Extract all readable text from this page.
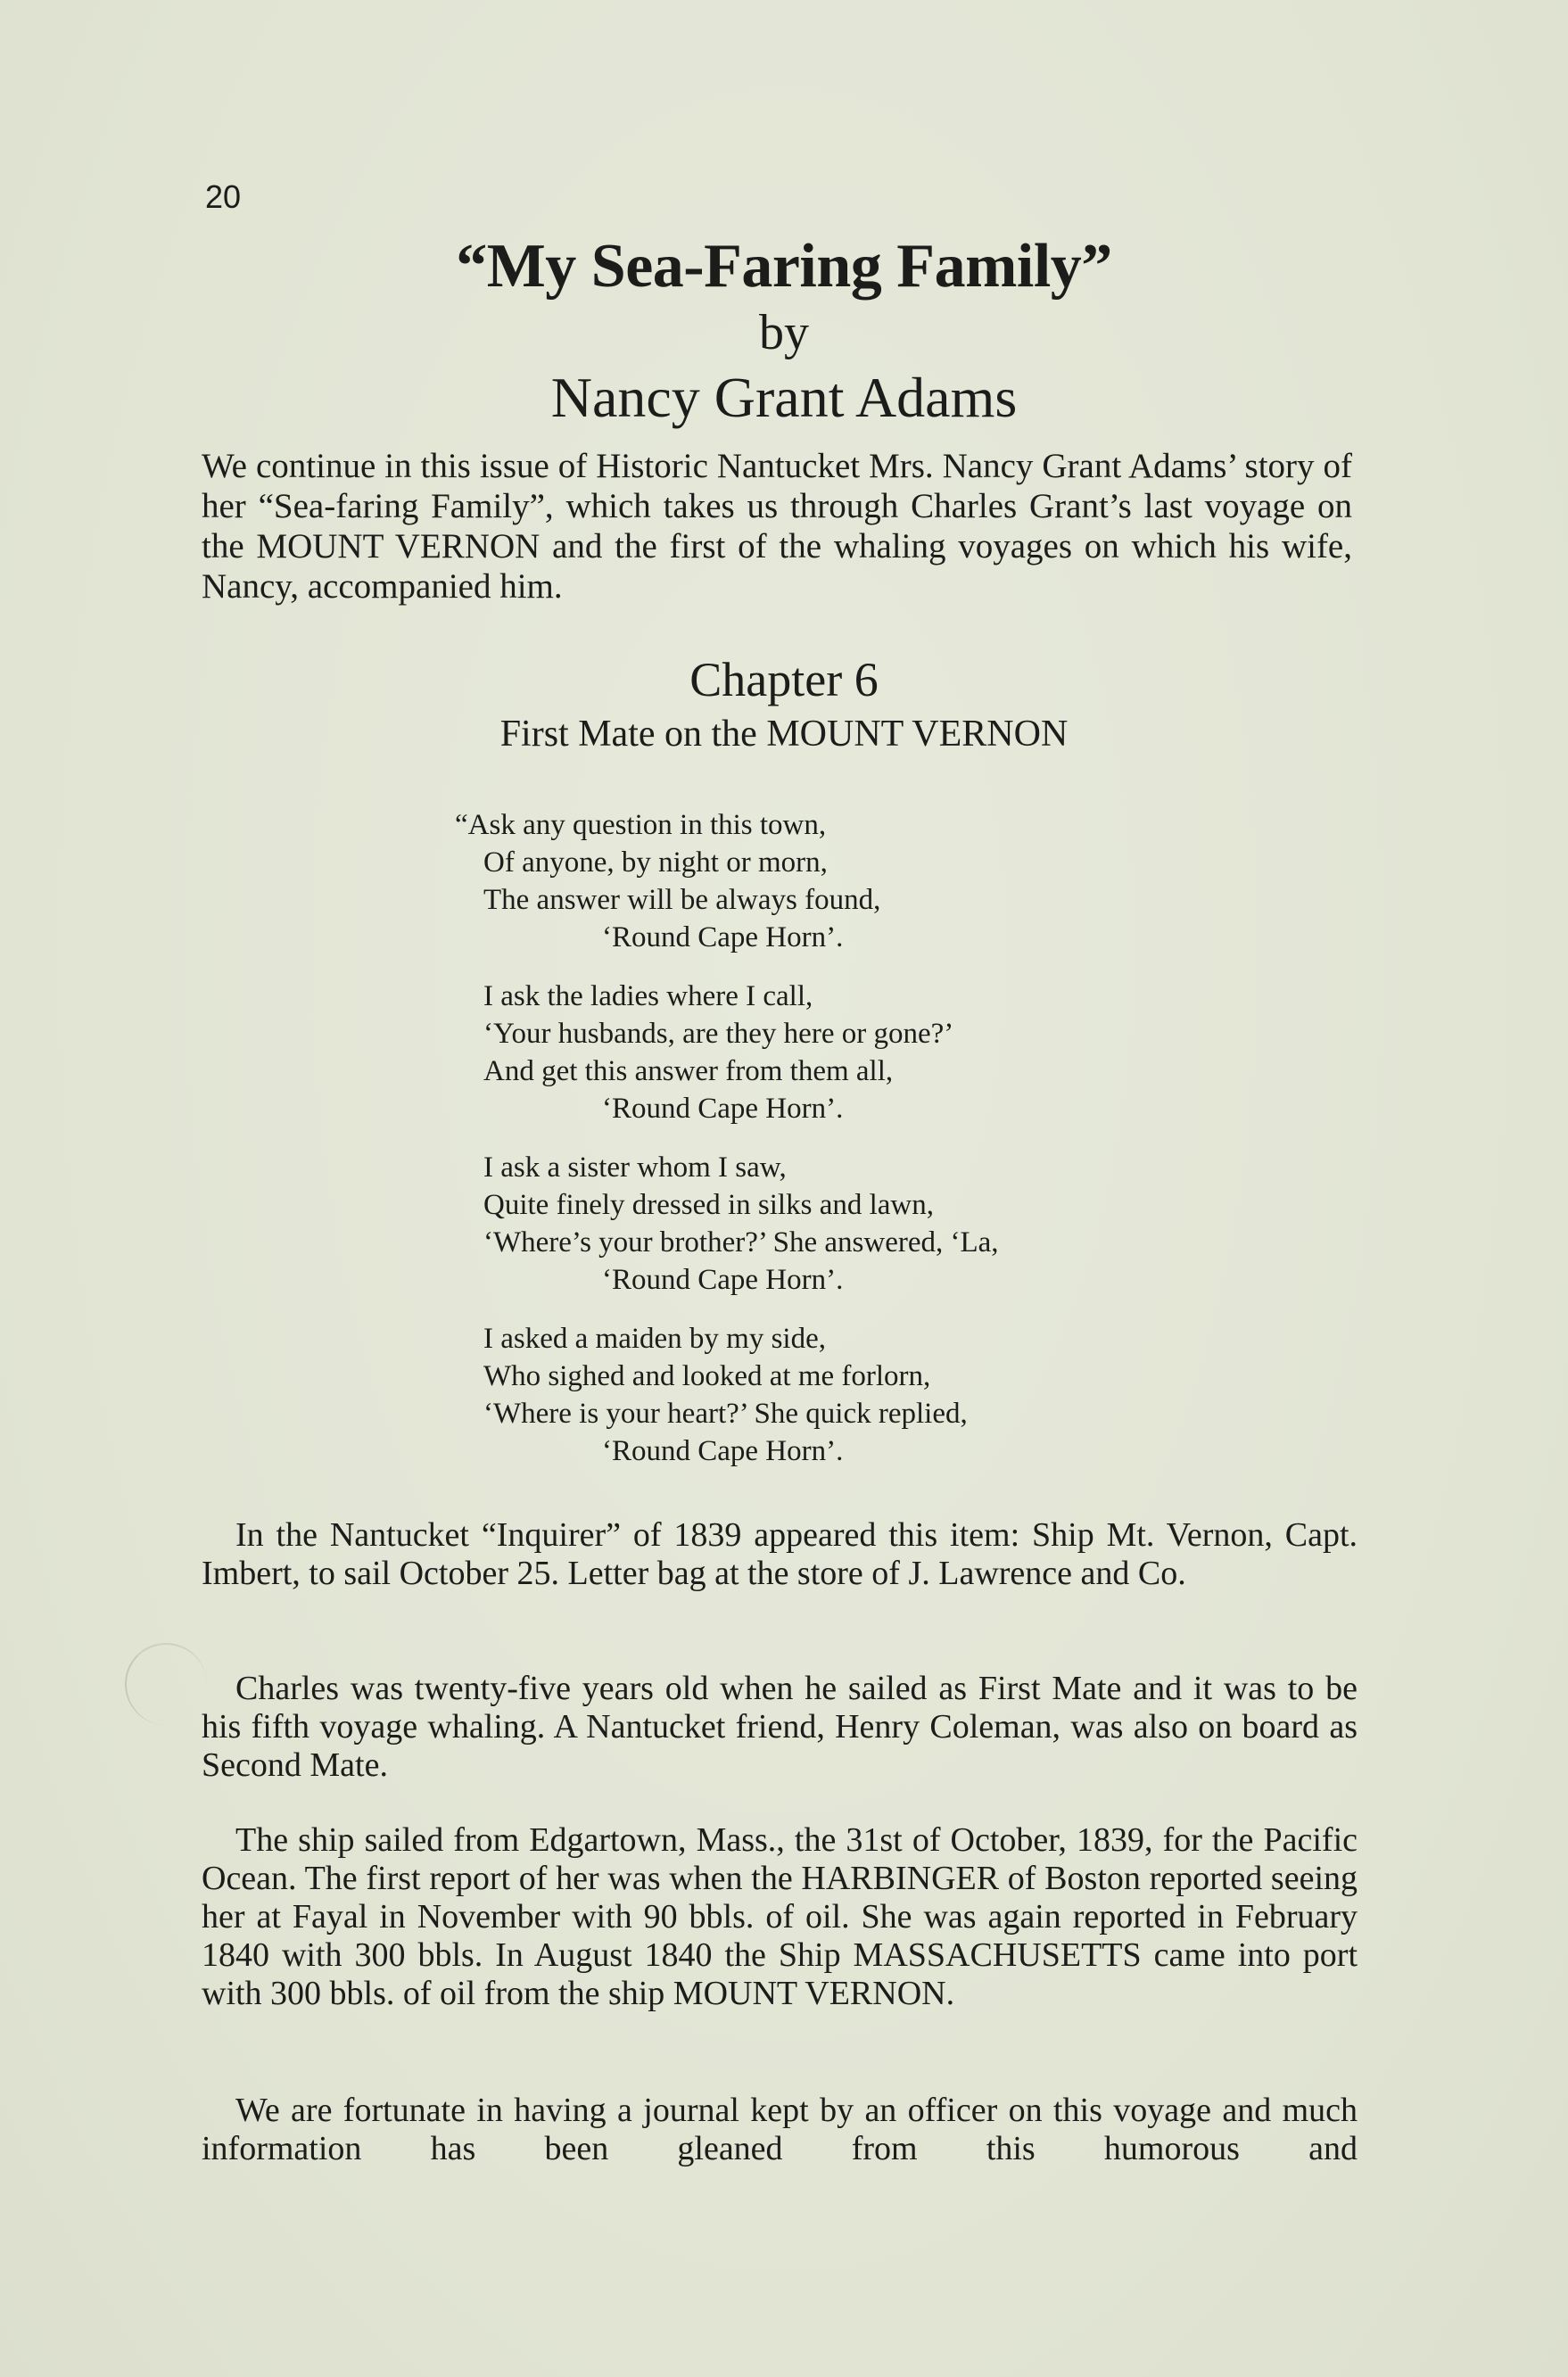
20
“My Sea-Faring Family”
by
Nancy Grant Adams
We continue in this issue of Historic Nantucket Mrs. Nancy Grant Adams’ story of her “Sea-faring Family”, which takes us through Charles Grant’s last voyage on the MOUNT VERNON and the first of the whaling voyages on which his wife, Nancy, accompanied him.
Chapter 6
First Mate on the MOUNT VERNON
“Ask any question in this town,
Of anyone, by night or morn,
The answer will be always found,
‘Round Cape Horn’.
I ask the ladies where I call,
‘Your husbands, are they here or gone?’
And get this answer from them all,
‘Round Cape Horn’.
I ask a sister whom I saw,
Quite finely dressed in silks and lawn,
‘Where’s your brother?’ She answered, ‘La,
‘Round Cape Horn’.
I asked a maiden by my side,
Who sighed and looked at me forlorn,
‘Where is your heart?’ She quick replied,
‘Round Cape Horn’.
In the Nantucket “Inquirer” of 1839 appeared this item: Ship Mt. Vernon, Capt. Imbert, to sail October 25. Letter bag at the store of J. Lawrence and Co.
Charles was twenty-five years old when he sailed as First Mate and it was to be his fifth voyage whaling. A Nantucket friend, Henry Coleman, was also on board as Second Mate.
The ship sailed from Edgartown, Mass., the 31st of October, 1839, for the Pacific Ocean. The first report of her was when the HARBINGER of Boston reported seeing her at Fayal in November with 90 bbls. of oil. She was again reported in February 1840 with 300 bbls. In August 1840 the Ship MASSACHUSETTS came into port with 300 bbls. of oil from the ship MOUNT VERNON.
We are fortunate in having a journal kept by an officer on this voyage and much information has been gleaned from this humorous and
